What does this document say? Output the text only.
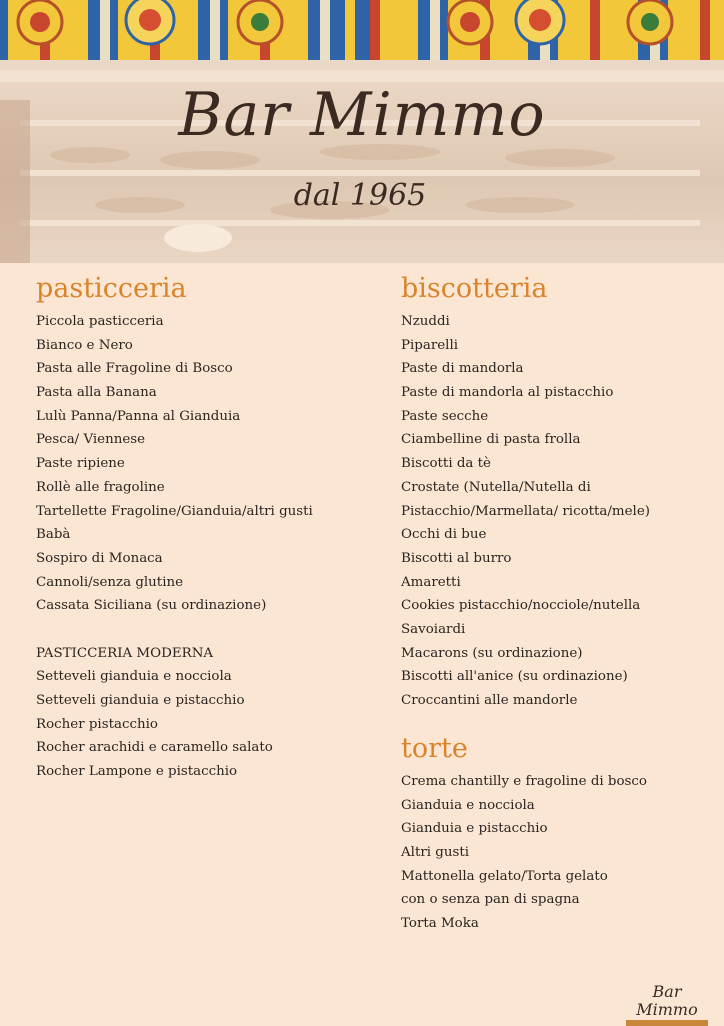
Bar Mimmo
dal 1965
pasticceria
Piccola pasticceria
Bianco e Nero
Pasta alle Fragoline di Bosco
Pasta alla Banana
Lulù Panna/Panna al Gianduia
Pesca/ Viennese
Paste ripiene
Rollè alle fragoline
Tartellette Fragoline/Gianduia/altri gusti
Babà
Sospiro di Monaca
Cannoli/senza glutine
Cassata Siciliana (su ordinazione)
PASTICCERIA MODERNA
Setteveli gianduia e nocciola
Setteveli gianduia e pistacchio
Rocher pistacchio
Rocher arachidi e caramello salato
Rocher Lampone e pistacchio
biscotteria
Nzuddi
Piparelli
Paste di mandorla
Paste di mandorla al pistacchio
Paste secche
Ciambelline di pasta frolla
Biscotti da tè
Crostate (Nutella/Nutella di
Pistacchio/Marmellata/ ricotta/mele)
Occhi di bue
Biscotti al burro
Amaretti
Cookies pistacchio/nocciole/nutella
Savoiardi
Macarons (su ordinazione)
Biscotti all'anice (su ordinazione)
Croccantini alle mandorle
torte
Crema chantilly e fragoline di bosco
Gianduia e nocciola
Gianduia e pistacchio
Altri gusti
Mattonella gelato/Torta gelato
con o senza pan di spagna
Torta Moka
Bar Mimmo
